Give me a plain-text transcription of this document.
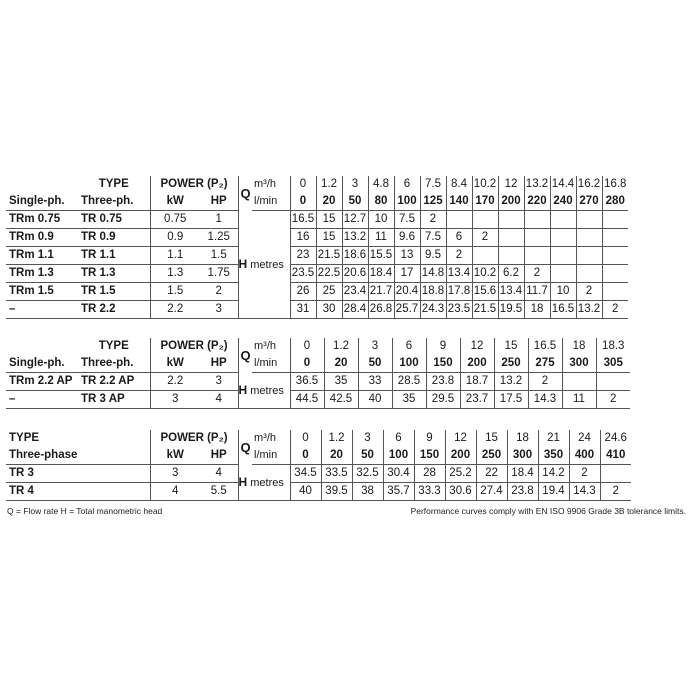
	TYPE	POWER (P₂)		Q	m³/h	0	1.2	3	4.8	6	7.5	8.4	10.2	12	13.2	14.4	16.2	16.8
Single-ph.	Three-ph.	kW	HP		l/min	0	20	50	80	100	125	140	170	200	220	240	270	280
TRm 0.75	TR 0.75	0.75	1	H metres		16.5	15	12.7	10	7.5	2							
TRm 0.9	TR 0.9	0.9	1.25			16	15	13.2	11	9.6	7.5	6	2					
TRm 1.1	TR 1.1	1.1	1.5			23	21.5	18.6	15.5	13	9.5	2						
TRm 1.3	TR 1.3	1.3	1.75			23.5	22.5	20.6	18.4	17	14.8	13.4	10.2	6.2	2			
TRm 1.5	TR 1.5	1.5	2			26	25	23.4	21.7	20.4	18.8	17.8	15.6	13.4	11.7	10	2	
–	TR 2.2	2.2	3			31	30	28.4	26.8	25.7	24.3	23.5	21.5	19.5	18	16.5	13.2	2
	TYPE	POWER (P₂)		Q	m³/h	0	1.2	3	6	9	12	15	16.5	18	18.3
Single-ph.	Three-ph.	kW	HP		l/min	0	20	50	100	150	200	250	275	300	305
TRm 2.2 AP	TR 2.2 AP	2.2	3	H metres		36.5	35	33	28.5	23.8	18.7	13.2	2		
–	TR 3 AP	3	4			44.5	42.5	40	35	29.5	23.7	17.5	14.3	11	2
TYPE	POWER (P₂)		Q	m³/h	0	1.2	3	6	9	12	15	18	21	24	24.6
Three-phase	kW	HP		l/min	0	20	50	100	150	200	250	300	350	400	410
TR 3	3	4	H metres		34.5	33.5	32.5	30.4	28	25.2	22	18.4	14.2	2	
TR 4	4	5.5			40	39.5	38	35.7	33.3	30.6	27.4	23.8	19.4	14.3	2
Q = Flow rate H = Total manometric head	Performance curves comply with EN ISO 9906 Grade 3B tolerance limits.
